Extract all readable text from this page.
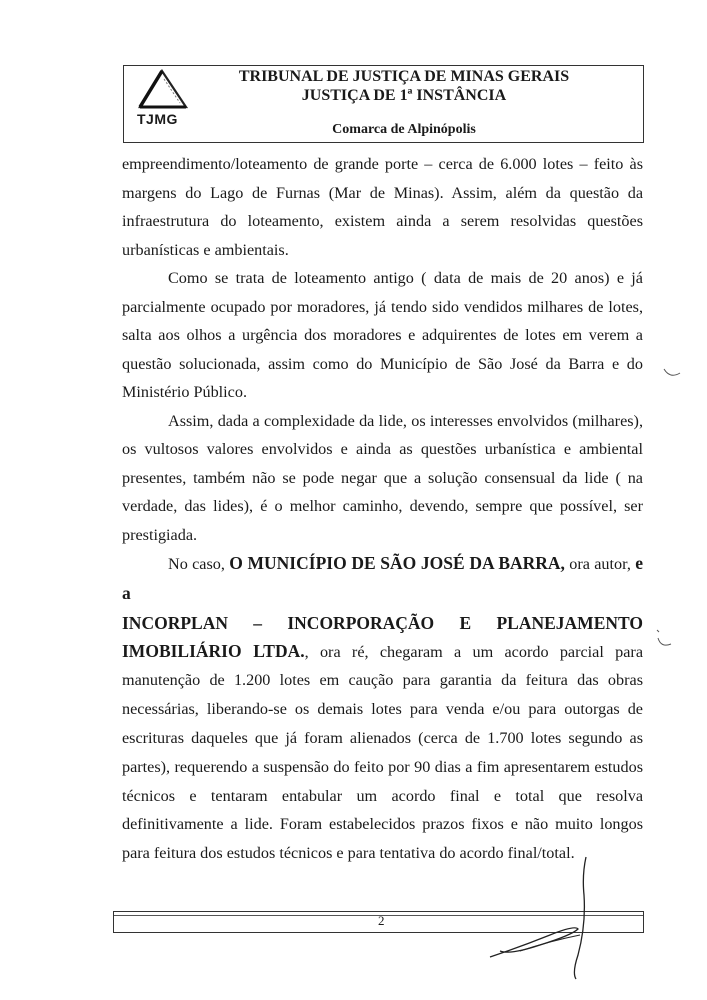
TJMG
TRIBUNAL DE JUSTIÇA DE MINAS GERAIS
JUSTIÇA DE 1ª INSTÂNCIA
Comarca de Alpinópolis

empreendimento/loteamento de grande porte – cerca de 6.000 lotes – feito às margens do Lago de Furnas (Mar de Minas). Assim, além da questão da infraestrutura do loteamento, existem ainda a serem resolvidas questões urbanísticas e ambientais.

Como se trata de loteamento antigo ( data de mais de 20 anos) e já parcialmente ocupado por moradores, já tendo sido vendidos milhares de lotes, salta aos olhos a urgência dos moradores e adquirentes de lotes em verem a questão solucionada, assim como do Município de São José da Barra e do Ministério Público.

Assim, dada a complexidade da lide, os interesses envolvidos (milhares), os vultosos valores envolvidos e ainda as questões urbanística e ambiental presentes, também não se pode negar que a solução consensual da lide ( na verdade, das lides), é o melhor caminho, devendo, sempre que possível, ser prestigiada.

No caso, O MUNICÍPIO DE SÃO JOSÉ DA BARRA, ora autor, e a
INCORPLAN – INCORPORAÇÃO E PLANEJAMENTO

IMOBILIÁRIO LTDA., ora ré, chegaram a um acordo parcial para manutenção de 1.200 lotes em caução para garantia da feitura das obras necessárias, liberando-se os demais lotes para venda e/ou para outorgas de escrituras daqueles que já foram alienados (cerca de 1.700 lotes segundo as partes), requerendo a suspensão do feito por 90 dias a fim apresentarem estudos técnicos e tentaram entabular um acordo final e total que resolva definitivamente a lide. Foram estabelecidos prazos fixos e não muito longos para feitura dos estudos técnicos e para tentativa do acordo final/total.

2
